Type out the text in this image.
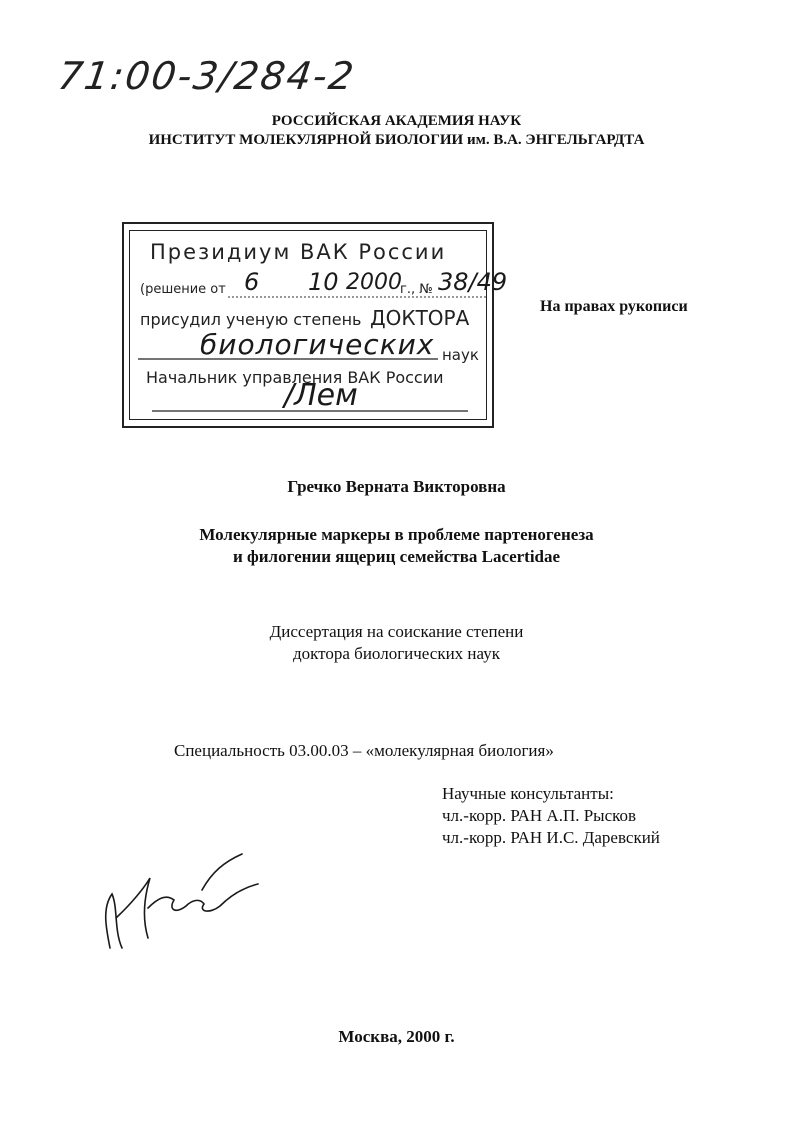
71:00-3/284-2
РОССИЙСКАЯ АКАДЕМИЯ НАУК
ИНСТИТУТ МОЛЕКУЛЯРНОЙ БИОЛОГИИ им. В.А. ЭНГЕЛЬГАРДТА
Президиум ВАК России
(решение от 6 10 2000
г., № 38/49
присудил ученую степень ДОКТОРА
биологических наук
Начальник управления ВАК России
/Лем
На правах рукописи
Гречко Верната Викторовна
Молекулярные маркеры в проблеме партеногенеза
и филогении ящериц семейства Lacertidae
Диссертация на соискание степени
доктора биологических наук
Специальность 03.00.03 – «молекулярная биология»
Научные консультанты:
чл.-корр. РАН А.П. Рысков
чл.-корр. РАН И.С. Даревский
Москва, 2000 г.
